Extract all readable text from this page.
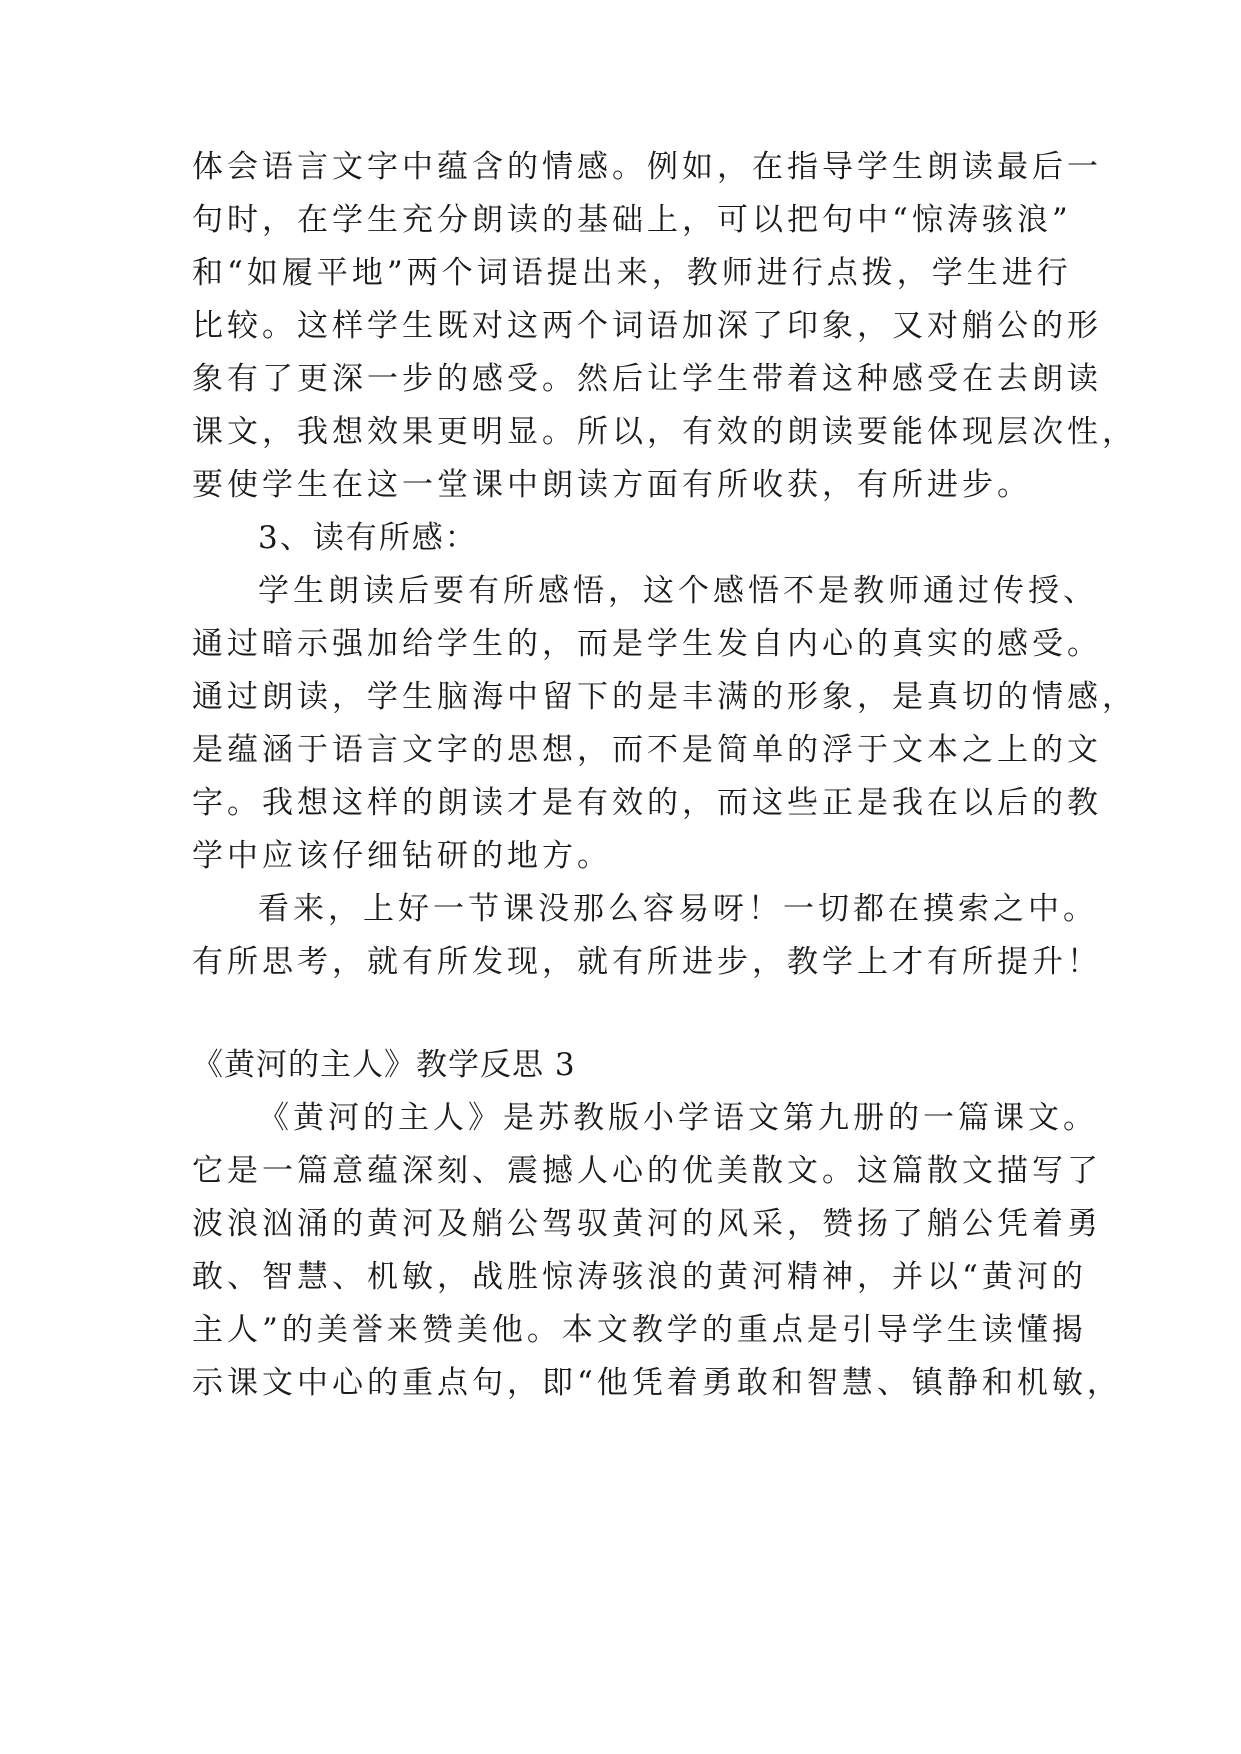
体会语言文字中蕴含的情感。例如，在指导学生朗读最后一
句时，在学生充分朗读的基础上，可以把句中“惊涛骇浪”
和“如履平地”两个词语提出来，教师进行点拨，学生进行
比较。这样学生既对这两个词语加深了印象，又对艄公的形
象有了更深一步的感受。然后让学生带着这种感受在去朗读
课文，我想效果更明显。所以，有效的朗读要能体现层次性，
要使学生在这一堂课中朗读方面有所收获，有所进步。
3、读有所感：
学生朗读后要有所感悟，这个感悟不是教师通过传授、
通过暗示强加给学生的，而是学生发自内心的真实的感受。
通过朗读，学生脑海中留下的是丰满的形象，是真切的情感，
是蕴涵于语言文字的思想，而不是简单的浮于文本之上的文
字。我想这样的朗读才是有效的，而这些正是我在以后的教
学中应该仔细钻研的地方。
看来，上好一节课没那么容易呀！一切都在摸索之中。
有所思考，就有所发现，就有所进步，教学上才有所提升！
《黄河的主人》教学反思 3
《黄河的主人》是苏教版小学语文第九册的一篇课文。
它是一篇意蕴深刻、震撼人心的优美散文。这篇散文描写了
波浪汹涌的黄河及艄公驾驭黄河的风采，赞扬了艄公凭着勇
敢、智慧、机敏，战胜惊涛骇浪的黄河精神，并以“黄河的
主人”的美誉来赞美他。本文教学的重点是引导学生读懂揭
示课文中心的重点句，即“他凭着勇敢和智慧、镇静和机敏，
